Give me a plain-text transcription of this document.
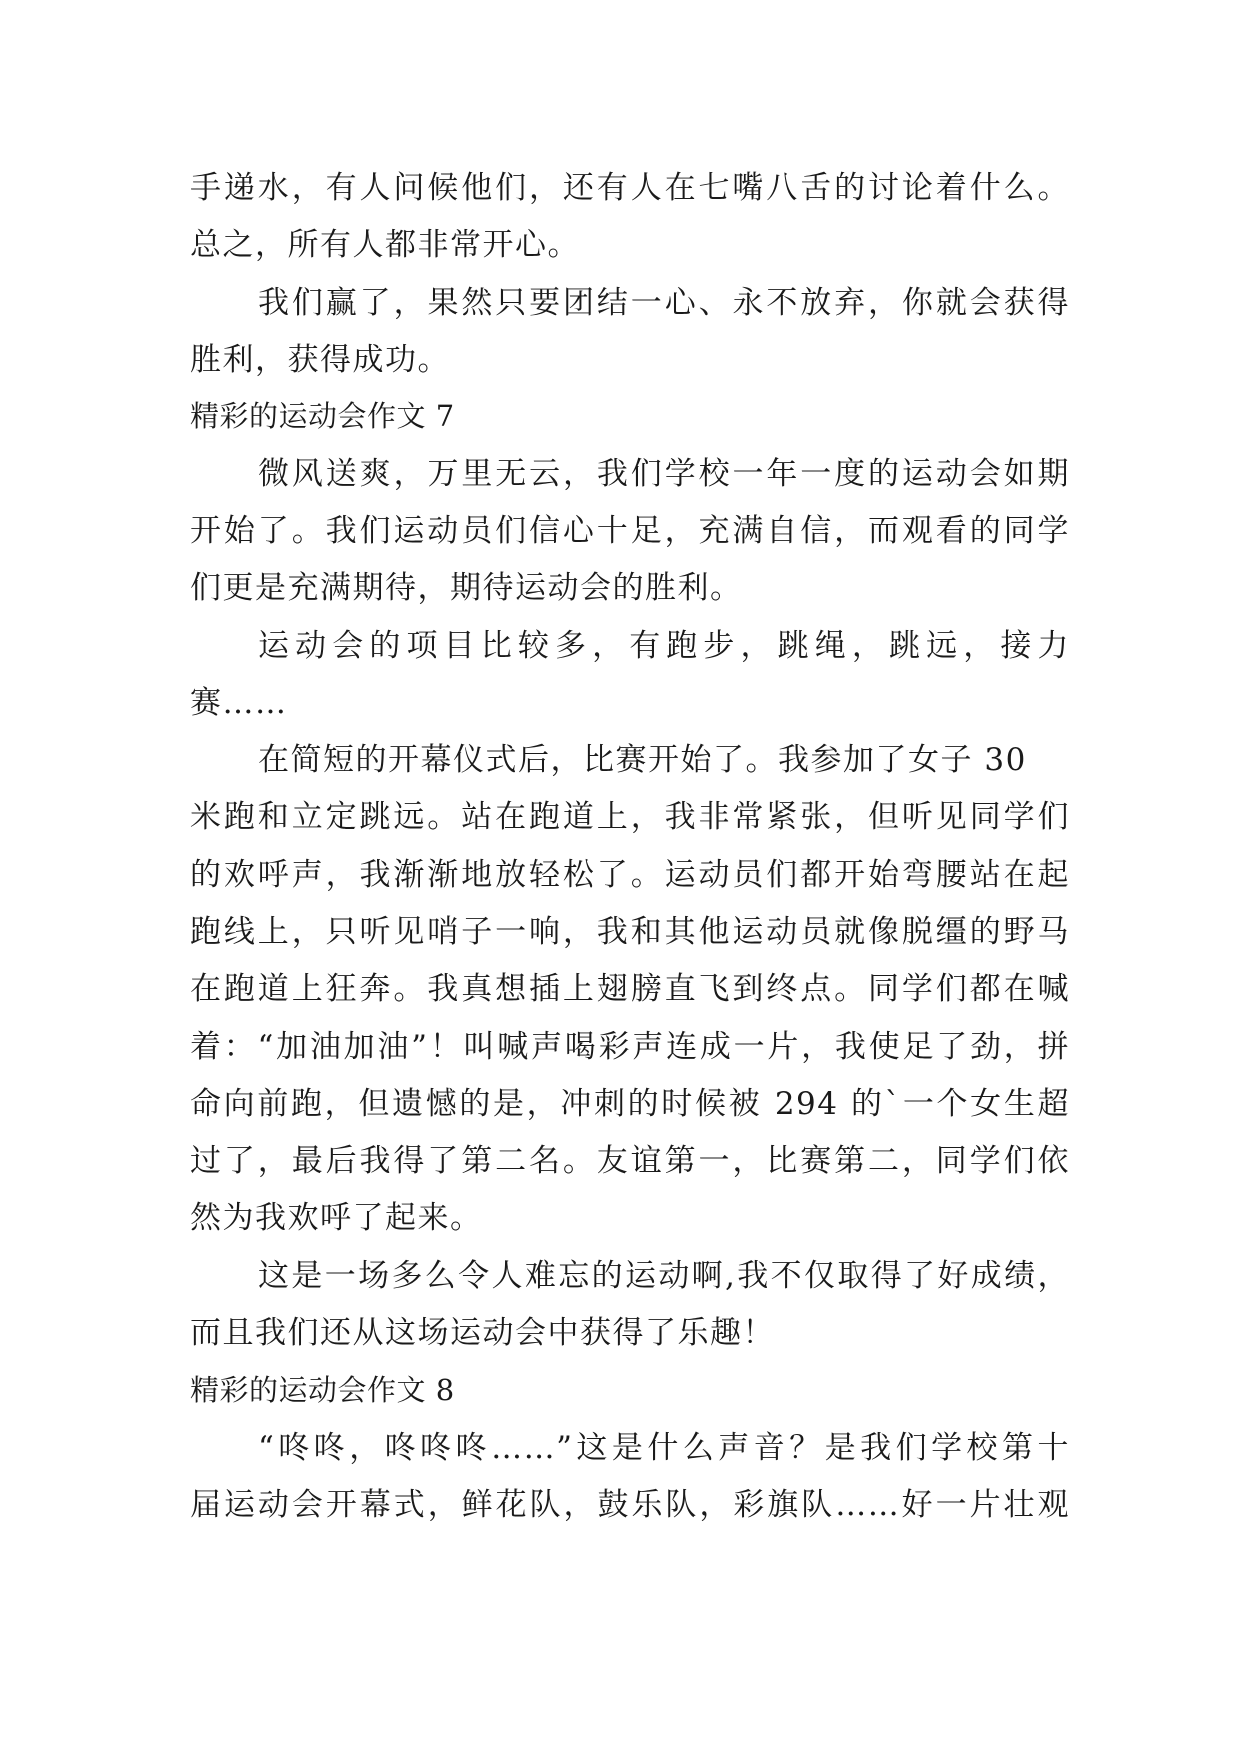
手递水，有人问候他们，还有人在七嘴八舌的讨论着什么。
总之，所有人都非常开心。
我们赢了，果然只要团结一心、永不放弃，你就会获得
胜利，获得成功。
精彩的运动会作文 7
微风送爽，万里无云，我们学校一年一度的运动会如期
开始了。我们运动员们信心十足，充满自信，而观看的同学
们更是充满期待，期待运动会的胜利。
运动会的项目比较多，有跑步，跳绳，跳远，接力
赛……
在简短的开幕仪式后，比赛开始了。我参加了女子 30
米跑和立定跳远。站在跑道上，我非常紧张，但听见同学们
的欢呼声，我渐渐地放轻松了。运动员们都开始弯腰站在起
跑线上，只听见哨子一响，我和其他运动员就像脱缰的野马
在跑道上狂奔。我真想插上翅膀直飞到终点。同学们都在喊
着：“加油加油”！叫喊声喝彩声连成一片，我使足了劲，拼
命向前跑，但遗憾的是，冲刺的时候被 294 的`一个女生超
过了，最后我得了第二名。友谊第一，比赛第二，同学们依
然为我欢呼了起来。
这是一场多么令人难忘的运动啊,我不仅取得了好成绩，
而且我们还从这场运动会中获得了乐趣！
精彩的运动会作文 8
“咚咚，咚咚咚……”这是什么声音？是我们学校第十
届运动会开幕式，鲜花队，鼓乐队，彩旗队……好一片壮观
